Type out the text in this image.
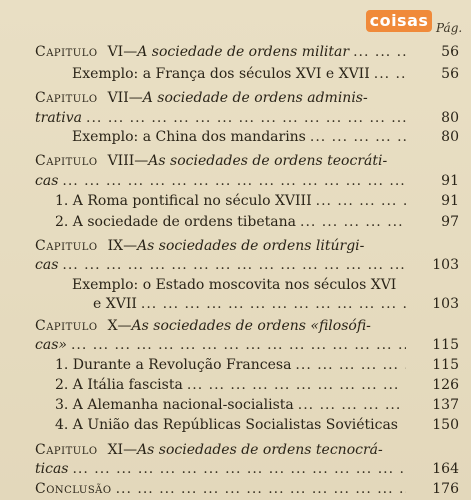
coisas Pág.
Capitulo VI — A sociedade de ordens militar ... .	56
Exemplo: a França dos séculos XVI e XVII ... .	56
Capitulo VII — A sociedade de ordens adminis-
trativa ... .	80
Exemplo: a China dos mandarins ... .	80
Capitulo VIII — As sociedades de ordens teocráti-
cas ... .	91
1. A Roma pontifical no século XVIII ... .	91
2. A sociedade de ordens tibetana ... .	97
Capitulo IX — As sociedades de ordens litúrgi-
cas ... .	103
Exemplo: o Estado moscovita nos séculos XVI
e XVII ... .	103
Capitulo X — As sociedades de ordens «filosófi-
cas» ... .	115
1. Durante a Revolução Francesa ... .	115
2. A Itália fascista ... .	126
3. A Alemanha nacional-socialista ... .	137
4. A União das Repúblicas Socialistas Soviéticas	150
Capitulo XI — As sociedades de ordens tecnocrá-
ticas ... .	164
Conclusão ... .	176
